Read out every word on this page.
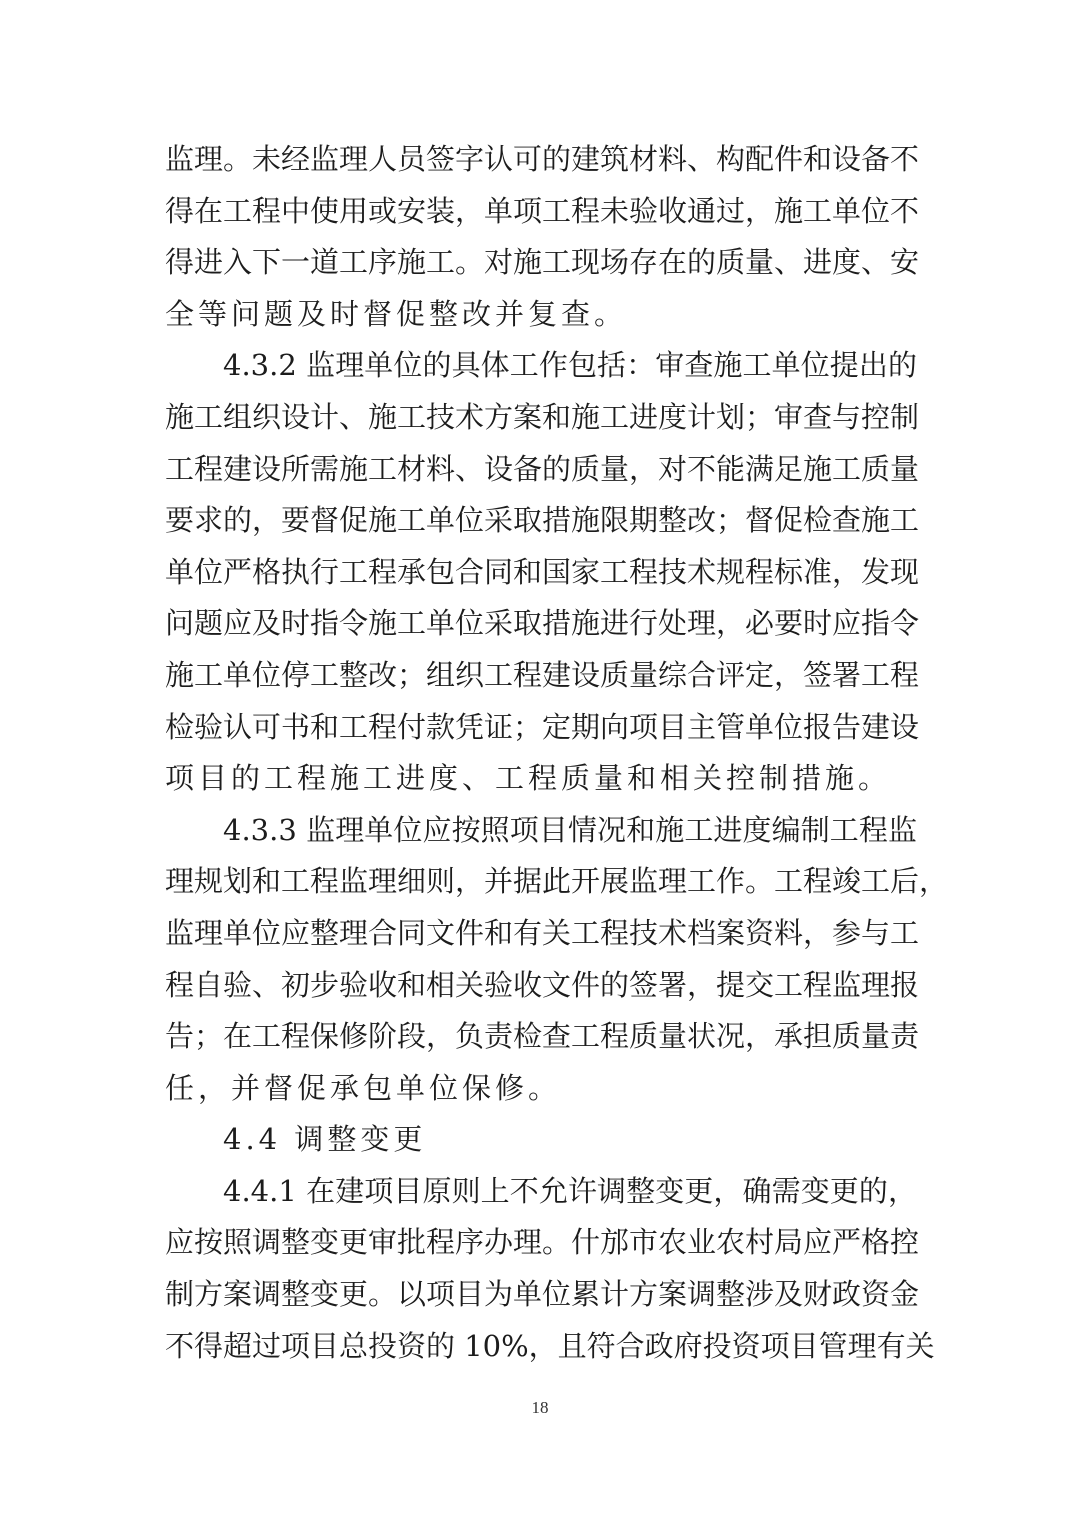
监理。未经监理人员签字认可的建筑材料、构配件和设备不
得在工程中使用或安装，单项工程未验收通过，施工单位不
得进入下一道工序施工。对施工现场存在的质量、进度、安
全等问题及时督促整改并复查。
4.3.2 监理单位的具体工作包括：审查施工单位提出的
施工组织设计、施工技术方案和施工进度计划；审查与控制
工程建设所需施工材料、设备的质量，对不能满足施工质量
要求的，要督促施工单位采取措施限期整改；督促检查施工
单位严格执行工程承包合同和国家工程技术规程标准，发现
问题应及时指令施工单位采取措施进行处理，必要时应指令
施工单位停工整改；组织工程建设质量综合评定，签署工程
检验认可书和工程付款凭证；定期向项目主管单位报告建设
项目的工程施工进度、工程质量和相关控制措施。
4.3.3 监理单位应按照项目情况和施工进度编制工程监
理规划和工程监理细则，并据此开展监理工作。工程竣工后，
监理单位应整理合同文件和有关工程技术档案资料，参与工
程自验、初步验收和相关验收文件的签署，提交工程监理报
告；在工程保修阶段，负责检查工程质量状况，承担质量责
任，并督促承包单位保修。
4.4 调整变更
4.4.1 在建项目原则上不允许调整变更，确需变更的，
应按照调整变更审批程序办理。什邡市农业农村局应严格控
制方案调整变更。以项目为单位累计方案调整涉及财政资金
不得超过项目总投资的 10%，且符合政府投资项目管理有关
18
